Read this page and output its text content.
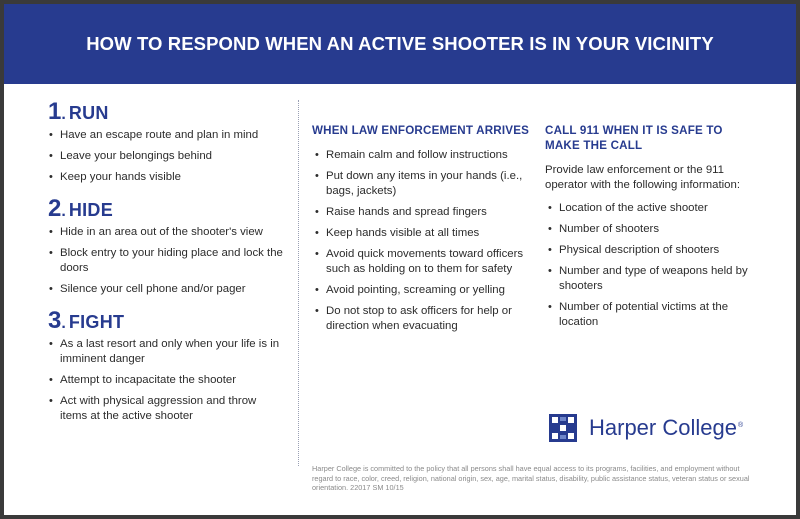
HOW TO RESPOND WHEN AN ACTIVE SHOOTER IS IN YOUR VICINITY
1 . RUN
• Have an escape route and plan in mind
• Leave your belongings behind
• Keep your hands visible
2 . HIDE
• Hide in an area out of the shooter's view
• Block entry to your hiding place and lock the doors
• Silence your cell phone and/or pager
3 . FIGHT
• As a last resort and only when your life is in imminent danger
• Attempt to incapacitate the shooter
• Act with physical aggression and throw items at the active shooter
WHEN LAW ENFORCEMENT ARRIVES
• Remain calm and follow instructions
• Put down any items in your hands (i.e., bags, jackets)
• Raise hands and spread fingers
• Keep hands visible at all times
• Avoid quick movements toward officers such as holding on to them for safety
• Avoid pointing, screaming or yelling
• Do not stop to ask officers for help or direction when evacuating
CALL 911 WHEN IT IS SAFE TO MAKE THE CALL

Provide law enforcement or the 911 operator with the following information:

• Location of the active shooter
• Number of shooters
• Physical description of shooters
• Number and type of weapons held by shooters
• Number of potential victims at the location
Harper College®
Harper College is committed to the policy that all persons shall have equal access to its programs, facilities, and employment without regard to race, color, creed, religion, national origin, sex, age, marital status, disability, public assistance status, veteran status or sexual orientation. 22017 SM 10/15
